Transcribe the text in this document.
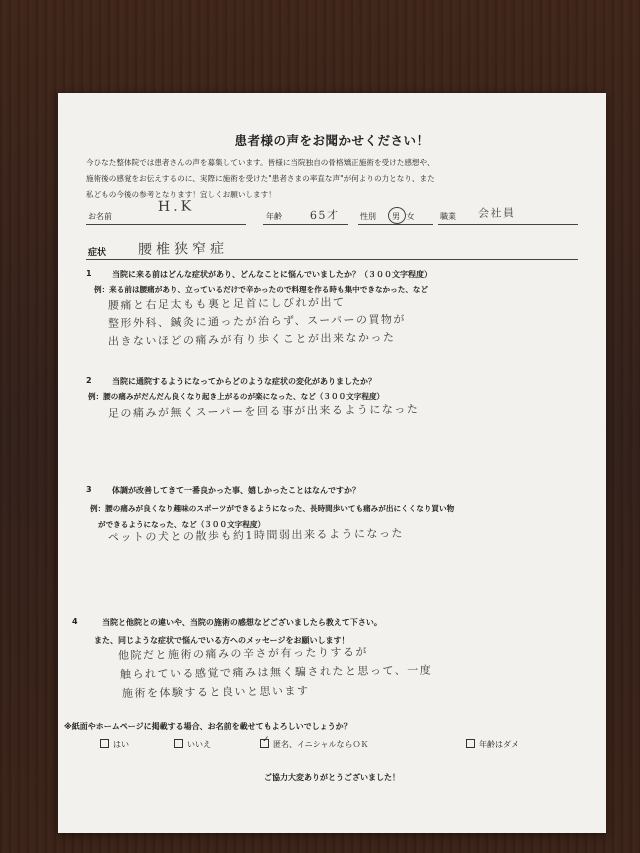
患者様の声をお聞かせください！
今ひなた整体院では患者さんの声を募集しています。皆様に当院独自の骨格矯正施術を受けた感想や、
施術後の感覚をお伝えするのに、実際に施術を受けた"患者さまの率直な声"が何よりの力となり、また
私どもの今後の参考となります！宜しくお願いします！
お名前
H.K
年齢	65才	性別 男 女	職業 会社員
症状 腰椎狭窄症
1	当院に来る前はどんな症状があり、どんなことに悩んでいましたか？（３００文字程度）
例：来る前は腰痛があり、立っているだけで辛かったので料理を作る時も集中できなかった、など
腰痛と右足太もも裏と足首にしびれが出て
整形外科、鍼灸に通ったが治らず、スーパーの買物が
出きないほどの痛みが有り歩くことが出来なかった
2	当院に通院するようになってからどのような症状の変化がありましたか？
例：腰の痛みがだんだん良くなり起き上がるのが楽になった、など（３００文字程度）
足の痛みが無くスーパーを回る事が出来るようになった
3	体調が改善してきて一番良かった事、嬉しかったことはなんですか？
例：腰の痛みが良くなり趣味のスポーツができるようになった、長時間歩いても痛みが出にくくなり買い物
ができるようになった、など（３００文字程度）
ペットの犬との散歩も約1時間弱出来るようになった
4	当院と他院との違いや、当院の施術の感想などございましたら教えて下さい。
また、同じような症状で悩んでいる方へのメッセージをお願いします！
他院だと施術の痛みの辛さが有ったりするが
触られている感覚で痛みは無く騙されたと思って、一度
施術を体験すると良いと思います
※紙面やホームページに掲載する場合、お名前を載せてもよろしいでしょうか？
はい	いいえ	✓ 匿名、イニシャルならＯＫ	年齢はダメ
ご協力大変ありがとうございました！
